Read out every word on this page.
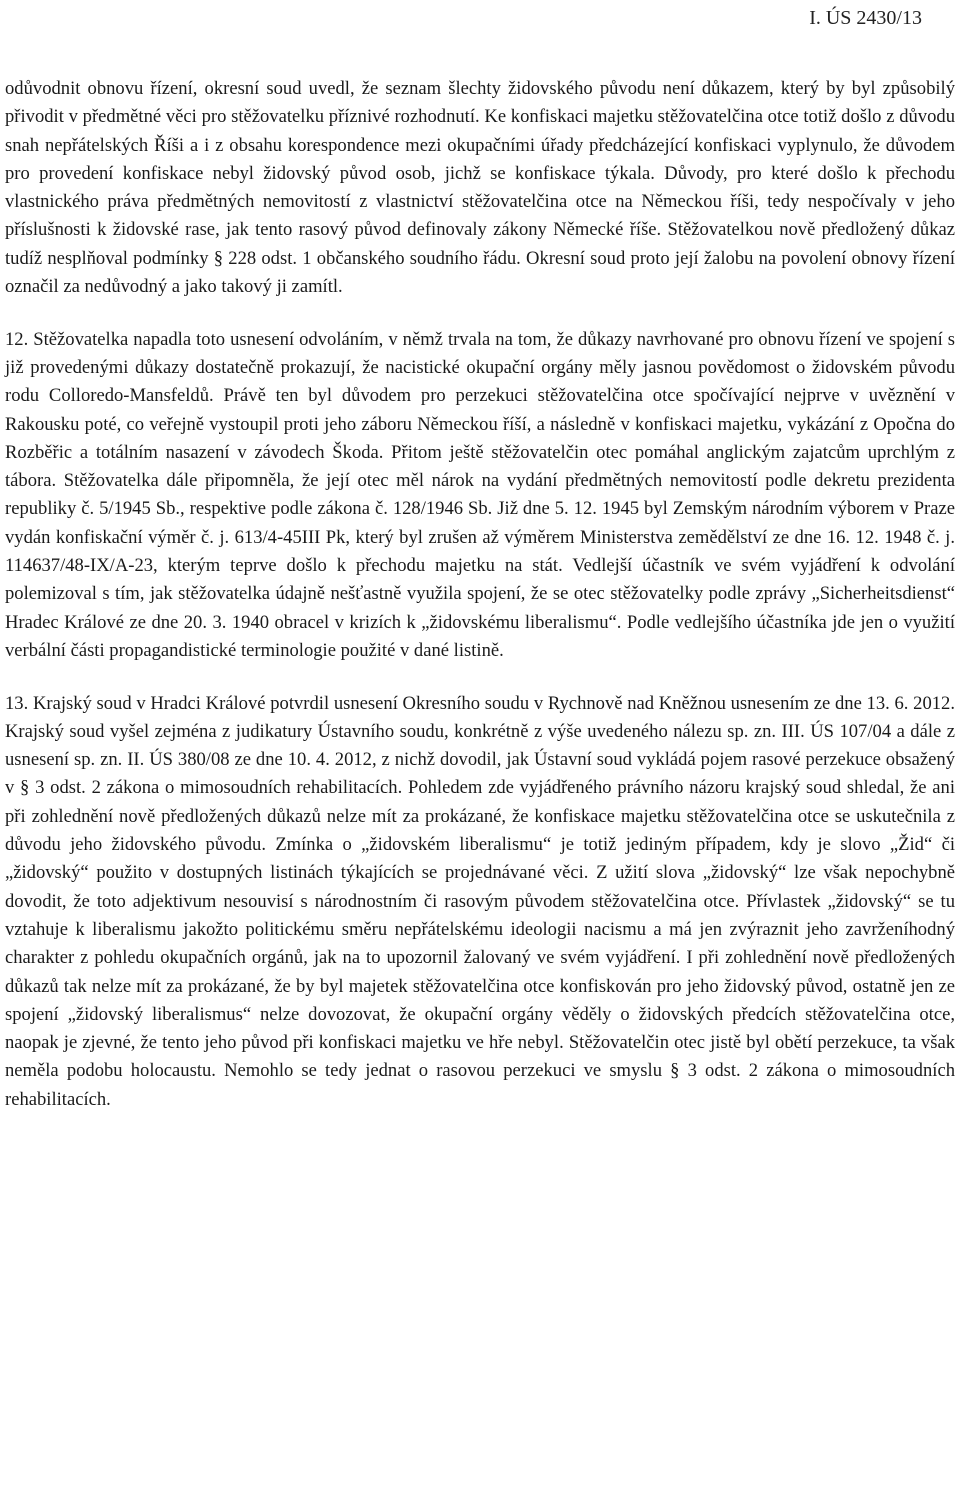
I. ÚS 2430/13

odůvodnit obnovu řízení, okresní soud uvedl, že seznam šlechty židovského původu není důkazem, který by byl způsobilý přivodit v předmětné věci pro stěžovatelku příznivé rozhodnutí. Ke konfiskaci majetku stěžovatelčina otce totiž došlo z důvodu snah nepřátelských Říši a i z obsahu korespondence mezi okupačními úřady předcházející konfiskaci vyplynulo, že důvodem pro provedení konfiskace nebyl židovský původ osob, jichž se konfiskace týkala. Důvody, pro které došlo k přechodu vlastnického práva předmětných nemovitostí z vlastnictví stěžovatelčina otce na Německou říši, tedy nespočívaly v jeho příslušnosti k židovské rase, jak tento rasový původ definovaly zákony Německé říše. Stěžovatelkou nově předložený důkaz tudíž nesplňoval podmínky § 228 odst. 1 občanského soudního řádu. Okresní soud proto její žalobu na povolení obnovy řízení označil za nedůvodný a jako takový ji zamítl.

12. Stěžovatelka napadla toto usnesení odvoláním, v němž trvala na tom, že důkazy navrhované pro obnovu řízení ve spojení s již provedenými důkazy dostatečně prokazují, že nacistické okupační orgány měly jasnou povědomost o židovském původu rodu Colloredo-Mansfeldů. Právě ten byl důvodem pro perzekuci stěžovatelčina otce spočívající nejprve v uvěznění v Rakousku poté, co veřejně vystoupil proti jeho záboru Německou říší, a následně v konfiskaci majetku, vykázání z Opočna do Rozběřic a totálním nasazení v závodech Škoda. Přitom ještě stěžovatelčin otec pomáhal anglickým zajatcům uprchlým z tábora. Stěžovatelka dále připomněla, že její otec měl nárok na vydání předmětných nemovitostí podle dekretu prezidenta republiky č. 5/1945 Sb., respektive podle zákona č. 128/1946 Sb. Již dne 5. 12. 1945 byl Zemským národním výborem v Praze vydán konfiskační výměr č. j. 613/4-45III Pk, který byl zrušen až výměrem Ministerstva zemědělství ze dne 16. 12. 1948 č. j. 114637/48-IX/A-23, kterým teprve došlo k přechodu majetku na stát. Vedlejší účastník ve svém vyjádření k odvolání polemizoval s tím, jak stěžovatelka údajně nešťastně využila spojení, že se otec stěžovatelky podle zprávy „Sicherheitsdienst“ Hradec Králové ze dne 20. 3. 1940 obracel v krizích k „židovskému liberalismu“. Podle vedlejšího účastníka jde jen o využití verbální části propagandistické terminologie použité v dané listině.

13. Krajský soud v Hradci Králové potvrdil usnesení Okresního soudu v Rychnově nad Kněžnou usnesením ze dne 13. 6. 2012. Krajský soud vyšel zejména z judikatury Ústavního soudu, konkrétně z výše uvedeného nálezu sp. zn. III. ÚS 107/04 a dále z usnesení sp. zn. II. ÚS 380/08 ze dne 10. 4. 2012, z nichž dovodil, jak Ústavní soud vykládá pojem rasové perzekuce obsažený v § 3 odst. 2 zákona o mimosoudních rehabilitacích. Pohledem zde vyjádřeného právního názoru krajský soud shledal, že ani při zohlednění nově předložených důkazů nelze mít za prokázané, že konfiskace majetku stěžovatelčina otce se uskutečnila z důvodu jeho židovského původu. Zmínka o „židovském liberalismu“ je totiž jediným případem, kdy je slovo „Žid“ či „židovský“ použito v dostupných listinách týkajících se projednávané věci. Z užití slova „židovský“ lze však nepochybně dovodit, že toto adjektivum nesouvisí s národnostním či rasovým původem stěžovatelčina otce. Přívlastek „židovský“ se tu vztahuje k liberalismu jakožto politickému směru nepřátelskému ideologii nacismu a má jen zvýraznit jeho zavrženíhodný charakter z pohledu okupačních orgánů, jak na to upozornil žalovaný ve svém vyjádření. I při zohlednění nově předložených důkazů tak nelze mít za prokázané, že by byl majetek stěžovatelčina otce konfiskován pro jeho židovský původ, ostatně jen ze spojení „židovský liberalismus“ nelze dovozovat, že okupační orgány věděly o židovských předcích stěžovatelčina otce, naopak je zjevné, že tento jeho původ při konfiskaci majetku ve hře nebyl. Stěžovatelčin otec jistě byl obětí perzekuce, ta však neměla podobu holocaustu. Nemohlo se tedy jednat o rasovou perzekuci ve smyslu § 3 odst. 2 zákona o mimosoudních rehabilitacích.
